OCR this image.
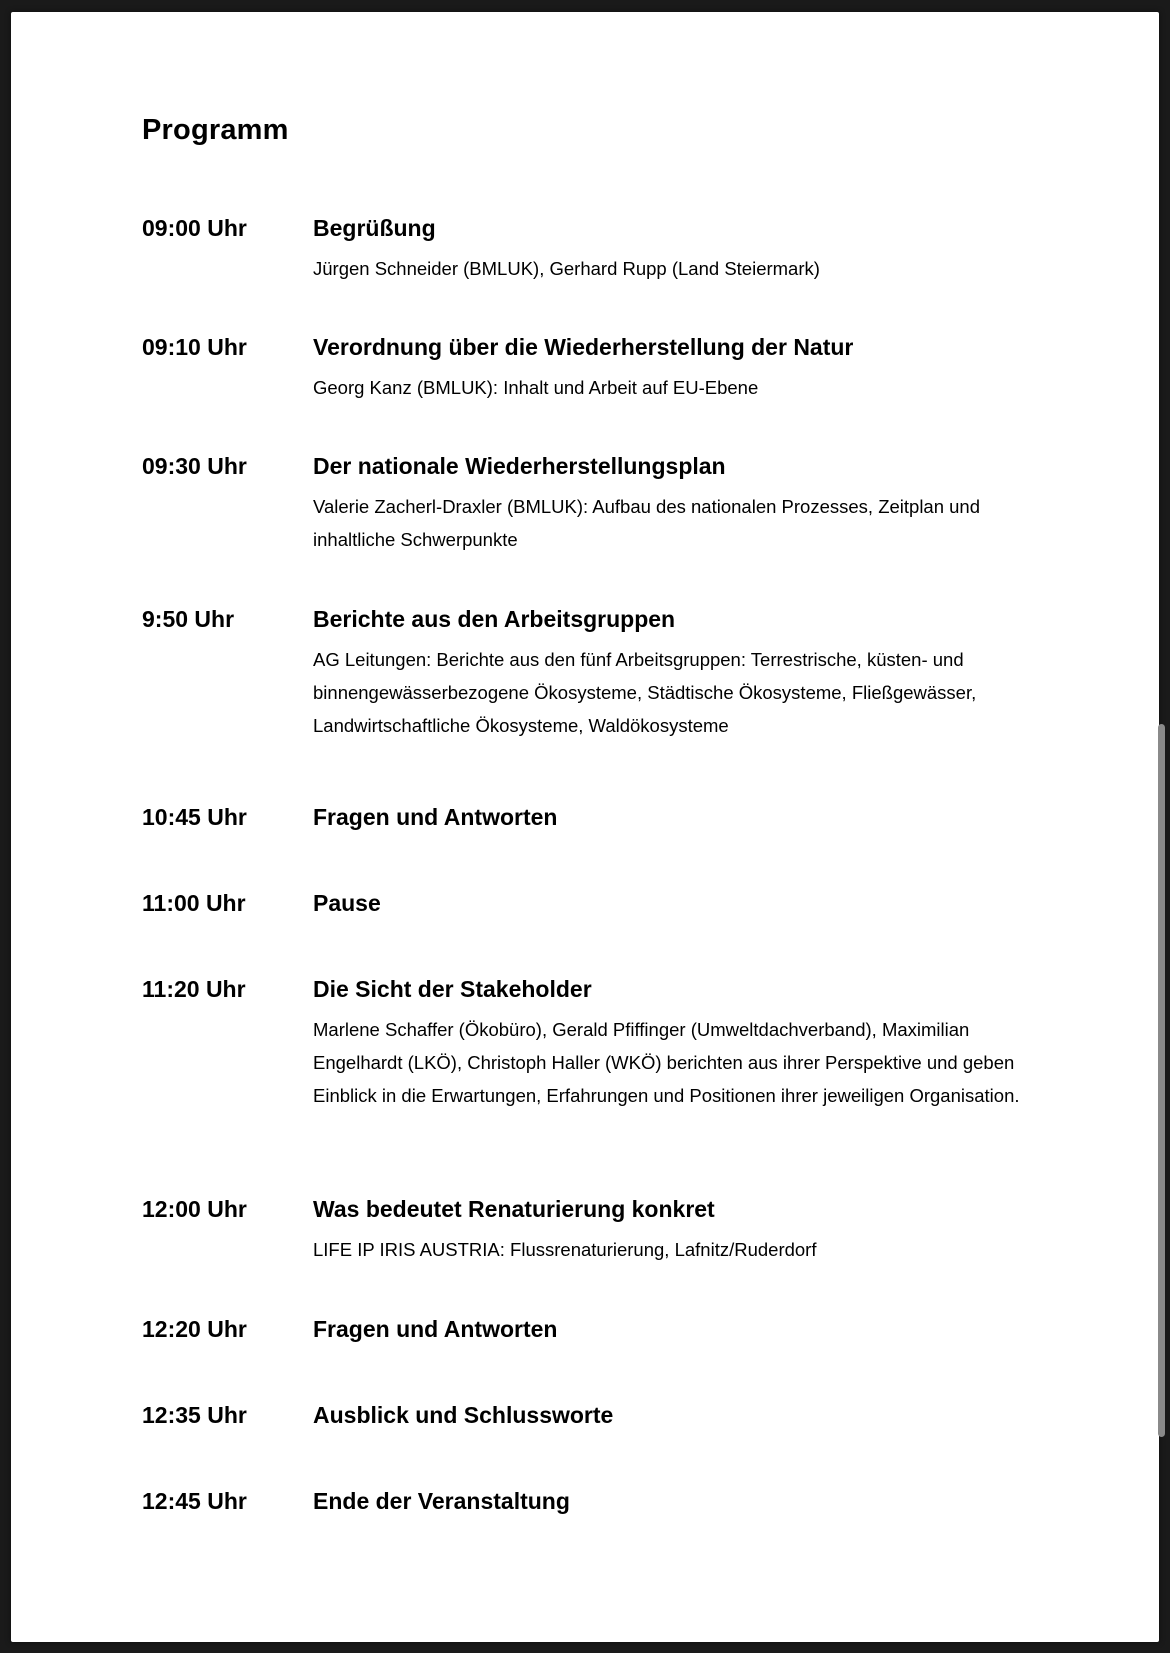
Programm
09:00 Uhr	Begrüßung
Jürgen Schneider (BMLUK), Gerhard Rupp (Land Steiermark)
09:10 Uhr	Verordnung über die Wiederherstellung der Natur
Georg Kanz (BMLUK): Inhalt und Arbeit auf EU-Ebene
09:30 Uhr	Der nationale Wiederherstellungsplan
Valerie Zacherl-Draxler (BMLUK): Aufbau des nationalen Prozesses, Zeitplan und inhaltliche Schwerpunkte
9:50 Uhr	Berichte aus den Arbeitsgruppen
AG Leitungen: Berichte aus den fünf Arbeitsgruppen: Terrestrische, küsten- und binnengewässerbezogene Ökosysteme, Städtische Ökosysteme, Fließgewässer, Landwirtschaftliche Ökosysteme, Waldökosysteme
10:45 Uhr	Fragen und Antworten
11:00 Uhr	Pause
11:20 Uhr	Die Sicht der Stakeholder
Marlene Schaffer (Ökobüro), Gerald Pfiffinger (Umweltdachverband), Maximilian Engelhardt (LKÖ), Christoph Haller (WKÖ) berichten aus ihrer Perspektive und geben Einblick in die Erwartungen, Erfahrungen und Positionen ihrer jeweiligen Organisation.
12:00 Uhr	Was bedeutet Renaturierung konkret
LIFE IP IRIS AUSTRIA: Flussrenaturierung, Lafnitz/Ruderdorf
12:20 Uhr	Fragen und Antworten
12:35 Uhr	Ausblick und Schlussworte
12:45 Uhr	Ende der Veranstaltung
